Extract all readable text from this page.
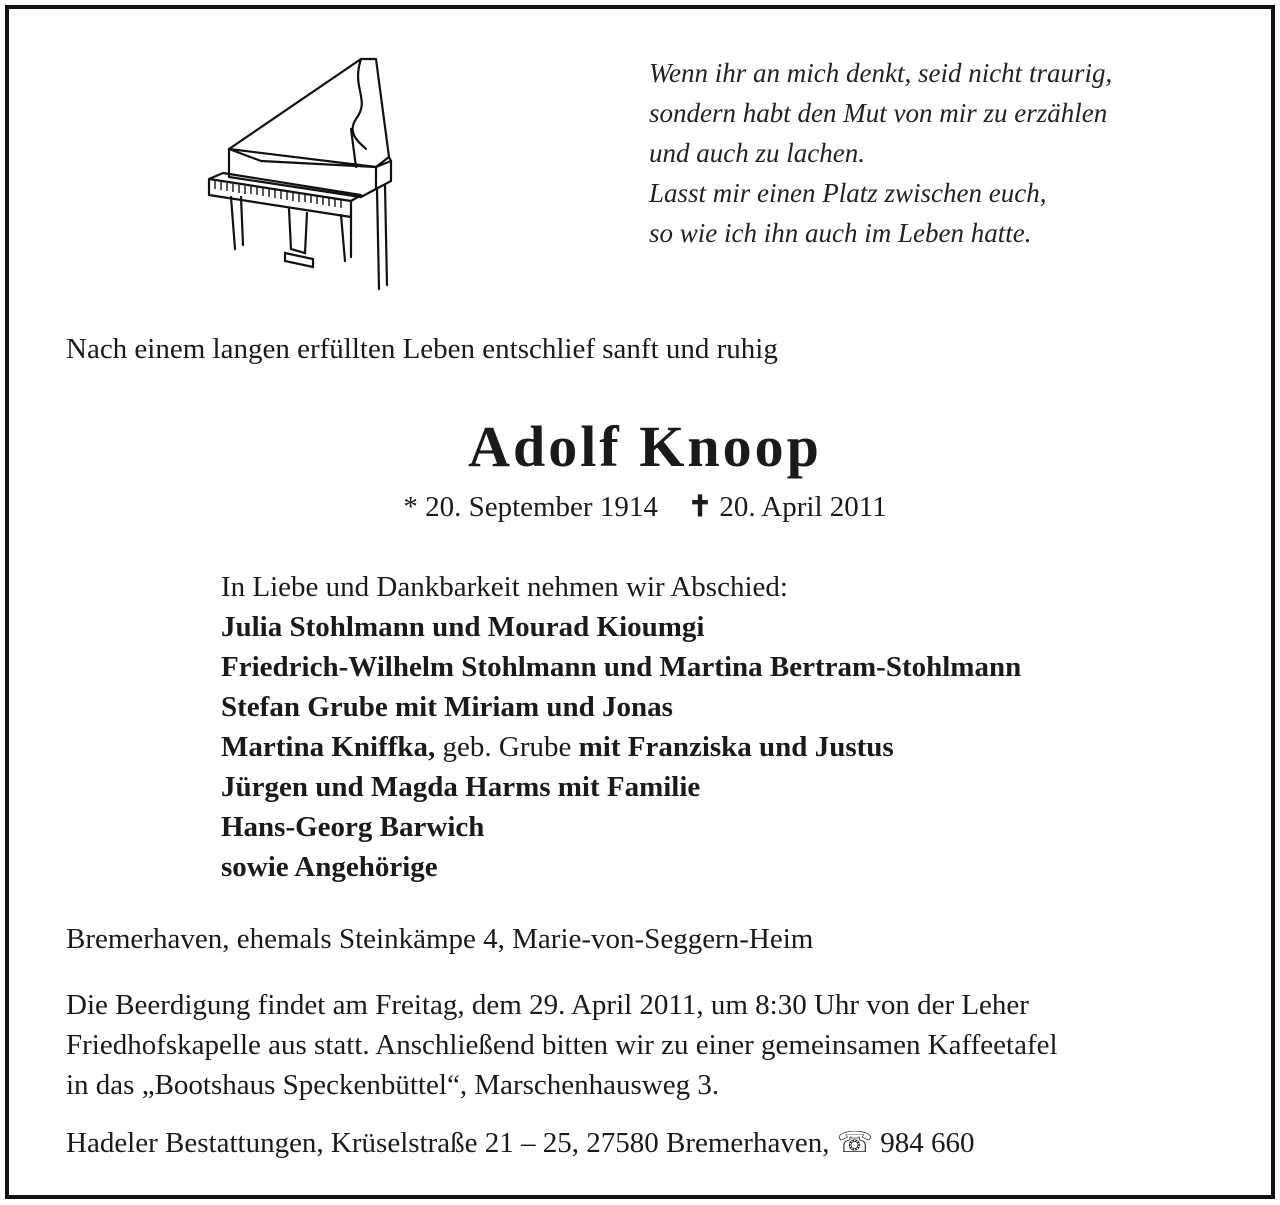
Wenn ihr an mich denkt, seid nicht traurig,
sondern habt den Mut von mir zu erzählen
und auch zu lachen.
Lasst mir einen Platz zwischen euch,
so wie ich ihn auch im Leben hatte.
Nach einem langen erfüllten Leben entschlief sanft und ruhig
Adolf Knoop
* 20. September 1914 ✝ 20. April 2011
In Liebe und Dankbarkeit nehmen wir Abschied:
Julia Stohlmann und Mourad Kioumgi
Friedrich-Wilhelm Stohlmann und Martina Bertram-Stohlmann
Stefan Grube mit Miriam und Jonas
Martina Kniffka, geb. Grube mit Franziska und Justus
Jürgen und Magda Harms mit Familie
Hans-Georg Barwich
sowie Angehörige
Bremerhaven, ehemals Steinkämpe 4, Marie-von-Seggern-Heim
Die Beerdigung findet am Freitag, dem 29. April 2011, um 8:30 Uhr von der Leher
Friedhofskapelle aus statt. Anschließend bitten wir zu einer gemeinsamen Kaffeetafel
in das „Bootshaus Speckenbüttel“, Marschenhausweg 3.
Hadeler Bestattungen, Krüselstraße 21 – 25, 27580 Bremerhaven, ☏ 984 660
